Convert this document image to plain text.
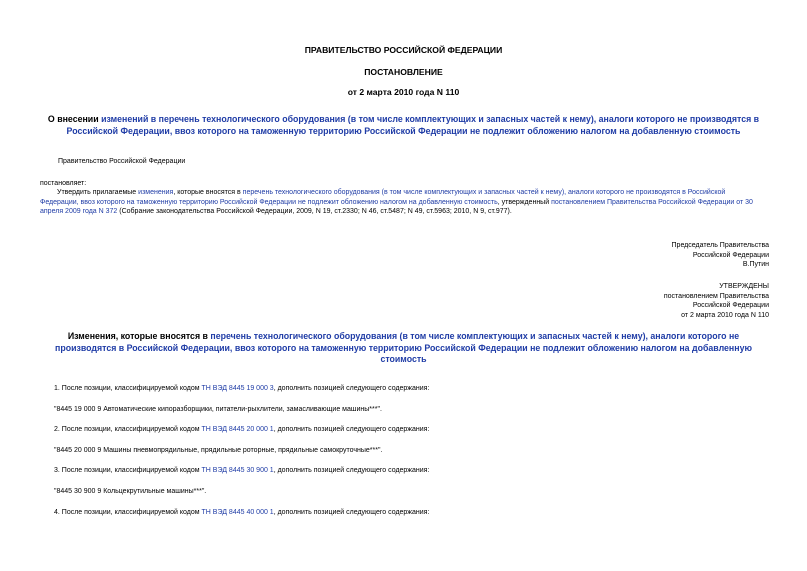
ПРАВИТЕЛЬСТВО РОССИЙСКОЙ ФЕДЕРАЦИИ
ПОСТАНОВЛЕНИЕ
от 2 марта 2010 года N 110
О внесении изменений в перечень технологического оборудования (в том числе комплектующих и запасных частей к нему), аналоги которого не производятся в
Российской Федерации, ввоз которого на таможенную территорию Российской Федерации не подлежит обложению налогом на добавленную стоимость
Правительство Российской Федерации
постановляет:
Утвердить прилагаемые изменения, которые вносятся в перечень технологического оборудования (в том числе комплектующих и запасных частей к нему), аналоги которого не производятся в Российской
Федерации, ввоз которого на таможенную территорию Российской Федерации не подлежит обложению налогом на добавленную стоимость, утвержденный постановлением Правительства Российской Федерации от 30
апреля 2009 года N 372 (Собрание законодательства Российской Федерации, 2009, N 19, ст.2330; N 46, ст.5487; N 49, ст.5963; 2010, N 9, ст.977).
Председатель Правительства
Российской Федерации
В.Путин
УТВЕРЖДЕНЫ
постановлением Правительства
Российской Федерации
от 2 марта 2010 года N 110
Изменения, которые вносятся в перечень технологического оборудования (в том числе комплектующих и запасных частей к нему), аналоги которого не
производятся в Российской Федерации, ввоз которого на таможенную территорию Российской Федерации не подлежит обложению налогом на добавленную
стоимость
1. После позиции, классифицируемой кодом ТН ВЭД 8445 19 000 3, дополнить позицией следующего содержания:
"8445 19 000 9 Автоматические кипоразборщики, питатели-рыхлители, замасливающие машины***".
2. После позиции, классифицируемой кодом ТН ВЭД 8445 20 000 1, дополнить позицией следующего содержания:
"8445 20 000 9 Машины пневмопрядильные, прядильные роторные, прядильные самокруточные***".
3. После позиции, классифицируемой кодом ТН ВЭД 8445 30 900 1, дополнить позицией следующего содержания:
"8445 30 900 9 Кольцекрутильные машины***".
4. После позиции, классифицируемой кодом ТН ВЭД 8445 40 000 1, дополнить позицией следующего содержания:
